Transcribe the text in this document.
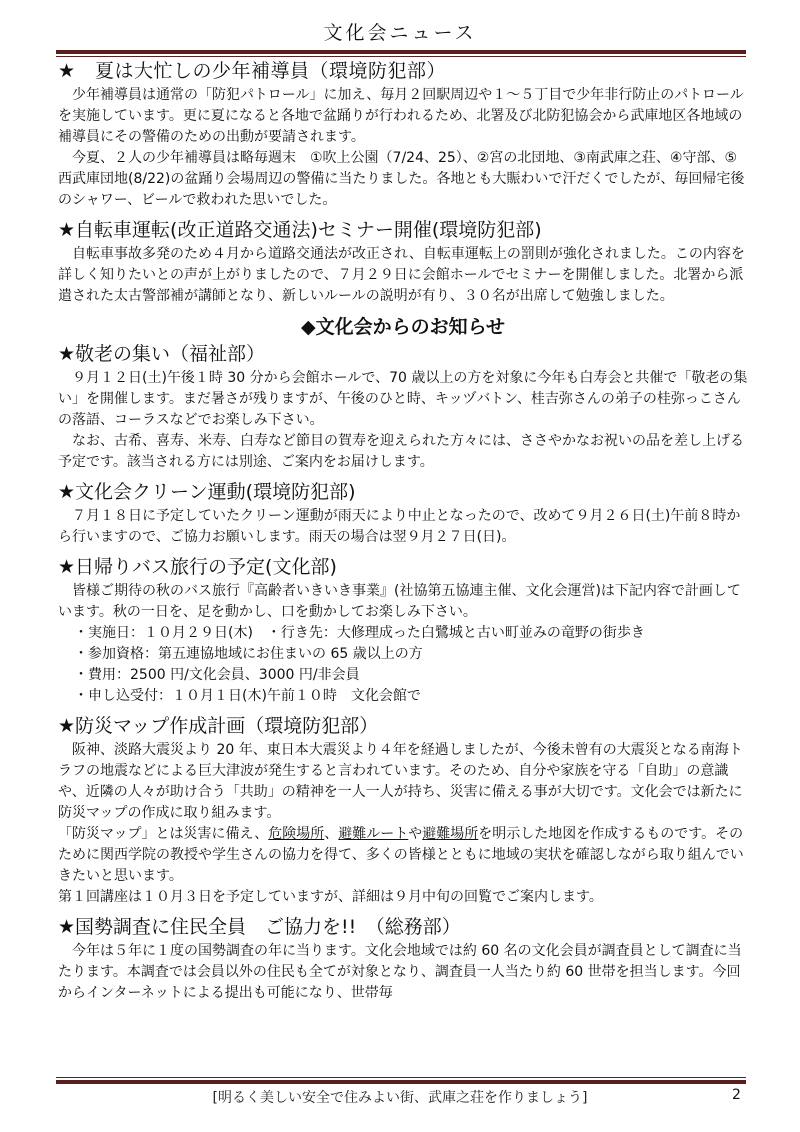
文化会ニュース
★　夏は大忙しの少年補導員（環境防犯部）

少年補導員は通常の「防犯パトロール」に加え、毎月２回駅周辺や１～５丁目で少年非行防止のパトロールを実施しています。更に夏になると各地で盆踊りが行われるため、北署及び北防犯協会から武庫地区各地域の補導員にその警備のための出動が要請されます。

今夏、２人の少年補導員は略毎週末　①吹上公園（7/24、25）、②宮の北団地、③南武庫之荘、④守部、⑤西武庫団地(8/22)の盆踊り会場周辺の警備に当たりました。各地とも大賑わいで汗だくでしたが、毎回帰宅後のシャワー、ビールで救われた思いでした。

★自転車運転(改正道路交通法)セミナー開催(環境防犯部)

自転車事故多発のため４月から道路交通法が改正され、自転車運転上の罰則が強化されました。この内容を詳しく知りたいとの声が上がりましたので、７月２９日に会館ホールでセミナーを開催しました。北署から派遣された太古警部補が講師となり、新しいルールの説明が有り、３０名が出席して勉強しました。

◆文化会からのお知らせ
★敬老の集い（福祉部）

９月１２日(土)午後１時 30 分から会館ホールで、70 歳以上の方を対象に今年も白寿会と共催で「敬老の集い」を開催します。まだ暑さが残りますが、午後のひと時、キッヅバトン、桂吉弥さんの弟子の桂弥っこさんの落語、コーラスなどでお楽しみ下さい。

なお、古希、喜寿、米寿、白寿など節目の賀寿を迎えられた方々には、ささやかなお祝いの品を差し上げる予定です。該当される方には別途、ご案内をお届けします。

★文化会クリーン運動(環境防犯部)

７月１８日に予定していたクリーン運動が雨天により中止となったので、改めて９月２６日(土)午前８時から行いますので、ご協力お願いします。雨天の場合は翌９月２７日(日)。

★日帰りバス旅行の予定(文化部)

皆様ご期待の秋のバス旅行『高齢者いきいき事業』(社協第五協連主催、文化会運営)は下記内容で計画しています。秋の一日を、足を動かし、口を動かしてお楽しみ下さい。

・実施日：１０月２９日(木)　・行き先：大修理成った白鷺城と古い町並みの竜野の街歩き
・参加資格：第五連協地域にお住まいの 65 歳以上の方
・費用：2500 円/文化会員、3000 円/非会員
・申し込受付：１０月１日(木)午前１０時　文化会館で
★防災マップ作成計画（環境防犯部）

阪神、淡路大震災より 20 年、東日本大震災より４年を経過しましたが、今後未曾有の大震災となる南海トラフの地震などによる巨大津波が発生すると言われています。そのため、自分や家族を守る「自助」の意識や、近隣の人々が助け合う「共助」の精神を一人一人が持ち、災害に備える事が大切です。文化会では新たに防災マップの作成に取り組みます。

「防災マップ」とは災害に備え、危険場所、避難ルートや避難場所を明示した地図を作成するものです。そのために関西学院の教授や学生さんの協力を得て、多くの皆様とともに地域の実状を確認しながら取り組んでいきたいと思います。

第１回講座は１０月３日を予定していますが、詳細は９月中旬の回覧でご案内します。

★国勢調査に住民全員　ご協力を!!　（総務部）

今年は５年に１度の国勢調査の年に当ります。文化会地域では約 60 名の文化会員が調査員として調査に当たります。本調査では会員以外の住民も全てが対象となり、調査員一人当たり約 60 世帯を担当します。今回からインターネットによる提出も可能になり、世帯毎

[明るく美しい安全で住みよい街、武庫之荘を作りましょう]	2
